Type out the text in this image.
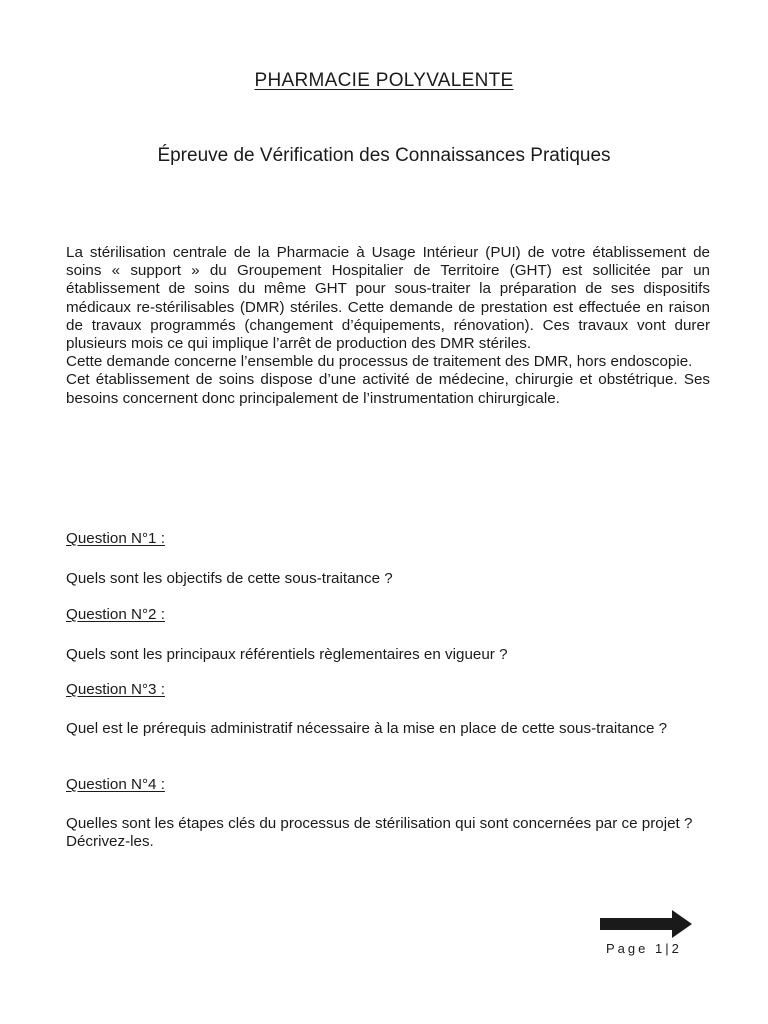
PHARMACIE POLYVALENTE
Épreuve de Vérification des Connaissances Pratiques

La stérilisation centrale de la Pharmacie à Usage Intérieur (PUI) de votre établissement de soins « support » du Groupement Hospitalier de Territoire (GHT) est sollicitée par un établissement de soins du même GHT pour sous-traiter la préparation de ses dispositifs médicaux re-stérilisables (DMR) stériles. Cette demande de prestation est effectuée en raison de travaux programmés (changement d’équipements, rénovation). Ces travaux vont durer plusieurs mois ce qui implique l’arrêt de production des DMR stériles.

Cette demande concerne l’ensemble du processus de traitement des DMR, hors endoscopie.

Cet établissement de soins dispose d’une activité de médecine, chirurgie et obstétrique. Ses besoins concernent donc principalement de l’instrumentation chirurgicale.

Question N°1 :

Quels sont les objectifs de cette sous-traitance ?

Question N°2 :

Quels sont les principaux référentiels règlementaires en vigueur ?

Question N°3 :

Quel est le prérequis administratif nécessaire à la mise en place de cette sous-traitance ?

Question N°4 :

Quelles sont les étapes clés du processus de stérilisation qui sont concernées par ce projet ?

Décrivez-les.

Page 1|2
